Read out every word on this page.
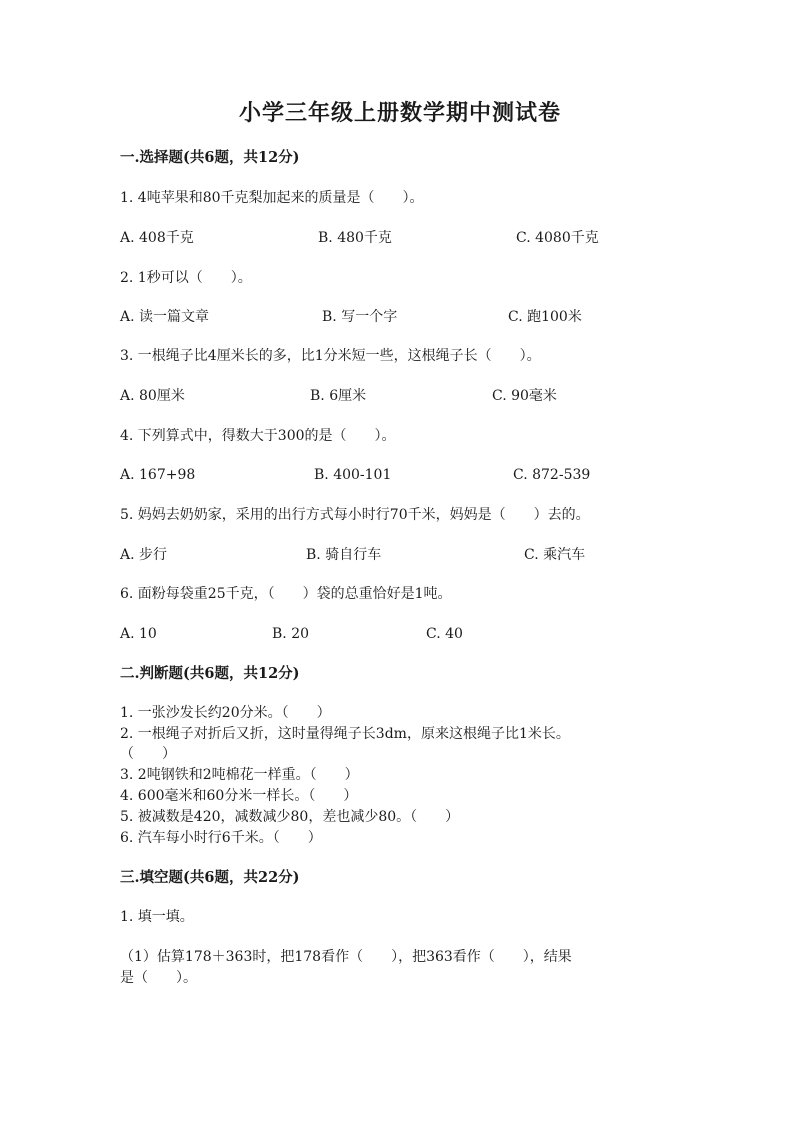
小学三年级上册数学期中测试卷
一.选择题(共6题，共12分)
1. 4吨苹果和80千克梨加起来的质量是（　　）。
A. 408千克	B. 480千克	C. 4080千克
2. 1秒可以（　　）。
A. 读一篇文章	B. 写一个字	C. 跑100米
3. 一根绳子比4厘米长的多，比1分米短一些，这根绳子长（　　）。
A. 80厘米	B. 6厘米	C. 90毫米
4. 下列算式中，得数大于300的是（　　）。
A. 167+98	B. 400-101	C. 872-539
5. 妈妈去奶奶家，采用的出行方式每小时行70千米，妈妈是（　　）去的。
A. 步行	B. 骑自行车	C. 乘汽车
6. 面粉每袋重25千克，（　　）袋的总重恰好是1吨。
A. 10	B. 20	C. 40
二.判断题(共6题，共12分)
1. 一张沙发长约20分米。（　　）
2. 一根绳子对折后又折，这时量得绳子长3dm，原来这根绳子比1米长。
（　　）
3. 2吨钢铁和2吨棉花一样重。（　　）
4. 600毫米和60分米一样长。（　　）
5. 被减数是420，减数减少80，差也减少80。（　　）
6. 汽车每小时行6千米。（　　）
三.填空题(共6题，共22分)
1. 填一填。
（1）估算178＋363时，把178看作（　　），把363看作（　　），结果
是（　　）。
